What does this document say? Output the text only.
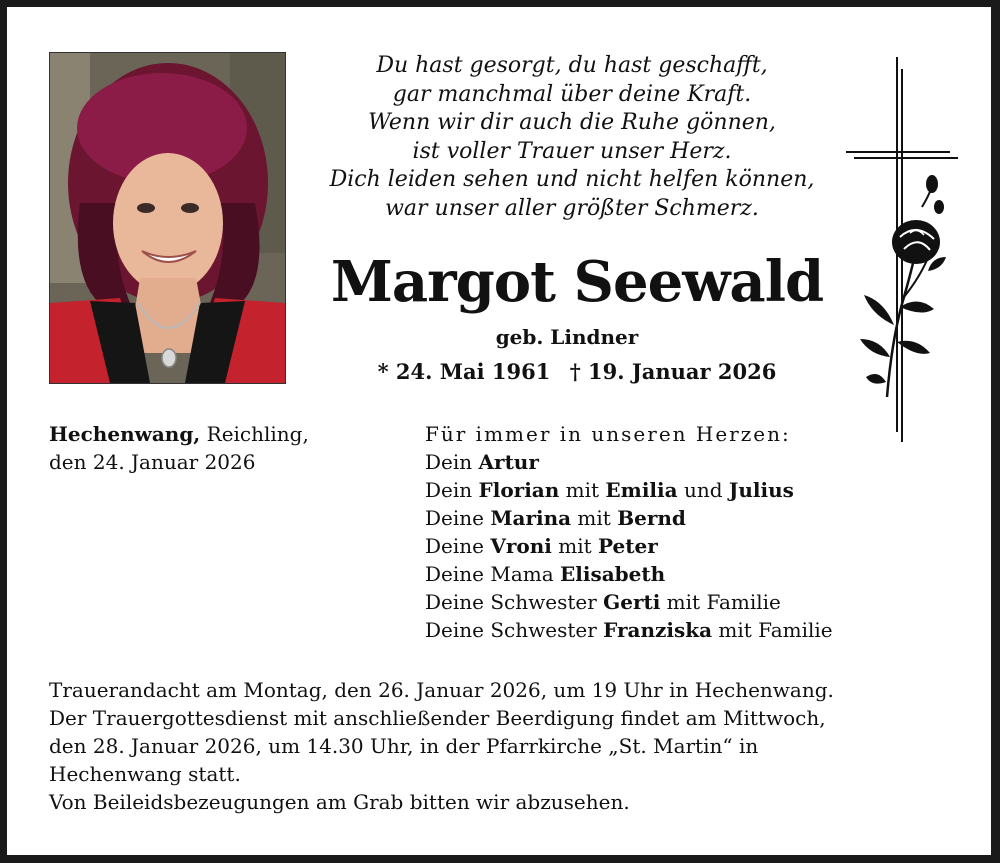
Du hast gesorgt, du hast geschafft,
gar manchmal über deine Kraft.
Wenn wir dir auch die Ruhe gönnen,
ist voller Trauer unser Herz.
Dich leiden sehen und nicht helfen können,
war unser aller größter Schmerz.
Margot Seewald
geb. Lindner
* 24. Mai 1961 † 19. Januar 2026
Hechenwang, Reichling,
den 24. Januar 2026
Für immer in unseren Herzen:
Dein Artur
Dein Florian mit Emilia und Julius
Deine Marina mit Bernd
Deine Vroni mit Peter
Deine Mama Elisabeth
Deine Schwester Gerti mit Familie
Deine Schwester Franziska mit Familie
Trauerandacht am Montag, den 26. Januar 2026, um 19 Uhr in Hechenwang.
Der Trauergottesdienst mit anschließender Beerdigung findet am Mittwoch,
den 28. Januar 2026, um 14.30 Uhr, in der Pfarrkirche „St. Martin“ in
Hechenwang statt.
Von Beileidsbezeugungen am Grab bitten wir abzusehen.
